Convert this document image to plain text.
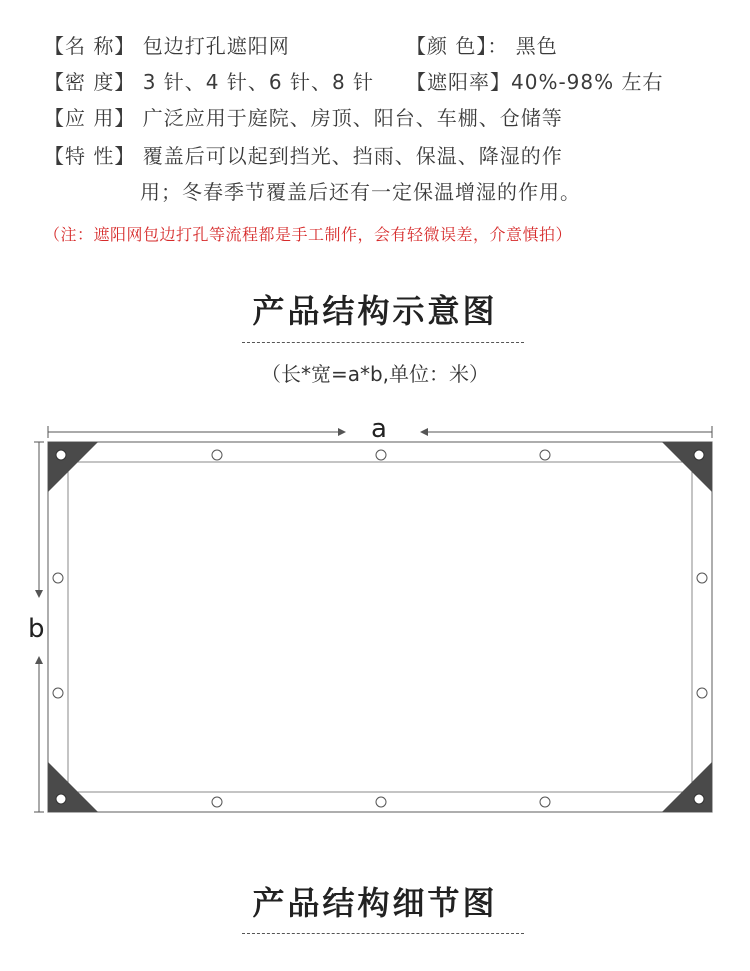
【名 称】 包边打孔遮阳网	【颜 色】： 黑色
【密 度】 3 针、4 针、6 针、8 针 【遮阳率】40%-98% 左右
【应 用】 广泛应用于庭院、房顶、阳台、车棚、仓储等
【特 性】 覆盖后可以起到挡光、挡雨、保温、降湿的作
用；冬春季节覆盖后还有一定保温增湿的作用。
（注：遮阳网包边打孔等流程都是手工制作，会有轻微误差，介意慎拍）
产品结构示意图
（长*宽=a*b,单位：米）
a
b
产品结构细节图
